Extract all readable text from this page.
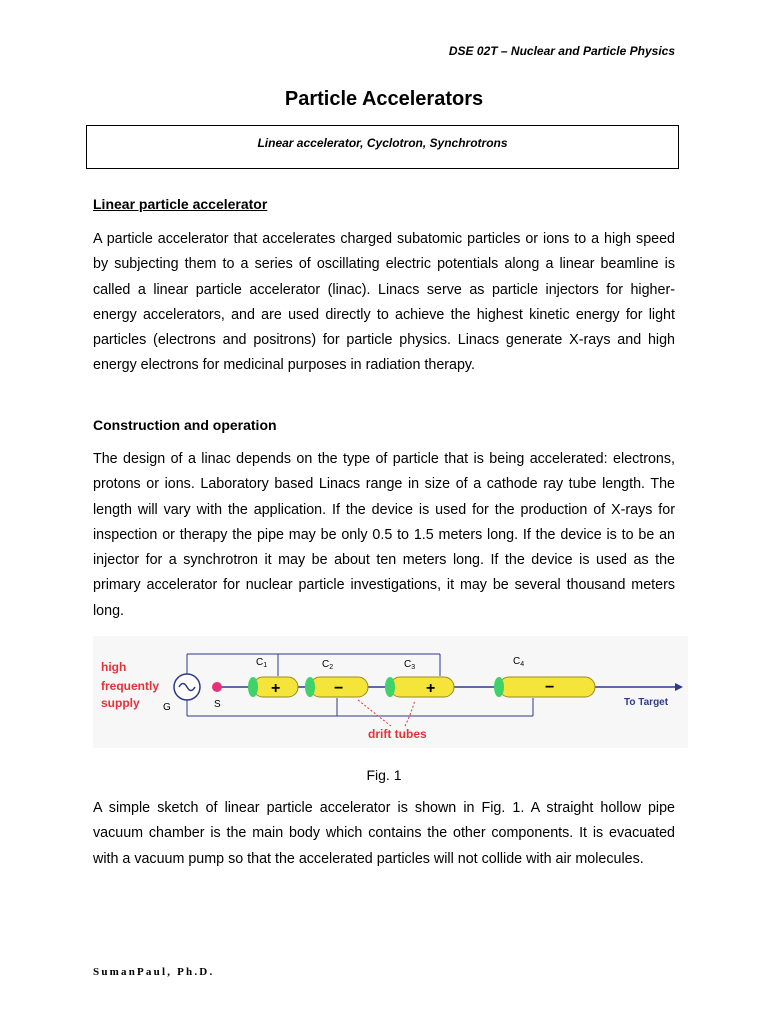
DSE 02T – Nuclear and Particle Physics
Particle Accelerators
Linear accelerator, Cyclotron, Synchrotrons
Linear particle accelerator
A particle accelerator that accelerates charged subatomic particles or ions to a high speed by subjecting them to a series of oscillating electric potentials along a linear beamline is called a linear particle accelerator (linac). Linacs serve as particle injectors for higher-energy accelerators, and are used directly to achieve the highest kinetic energy for light particles (electrons and positrons) for particle physics. Linacs generate X-rays and high energy electrons for medicinal purposes in radiation therapy.
Construction and operation
The design of a linac depends on the type of particle that is being accelerated: electrons, protons or ions. Laboratory based Linacs range in size of a cathode ray tube length. The length will vary with the application. If the device is used for the production of X-rays for inspection or therapy the pipe may be only 0.5 to 1.5 meters long. If the device is to be an injector for a synchrotron it may be about ten meters long. If the device is used as the primary accelerator for nuclear particle investigations, it may be several thousand meters long.
high
frequently
supply G	S
+
$C_1$
−
$C_2$
+
$C_3$
−
$C_4$
To Target
drift tubes
Fig. 1
A simple sketch of linear particle accelerator is shown in Fig. 1. A straight hollow pipe vacuum chamber is the main body which contains the other components. It is evacuated with a vacuum pump so that the accelerated particles will not collide with air molecules.
SumanPaul, Ph.D.
